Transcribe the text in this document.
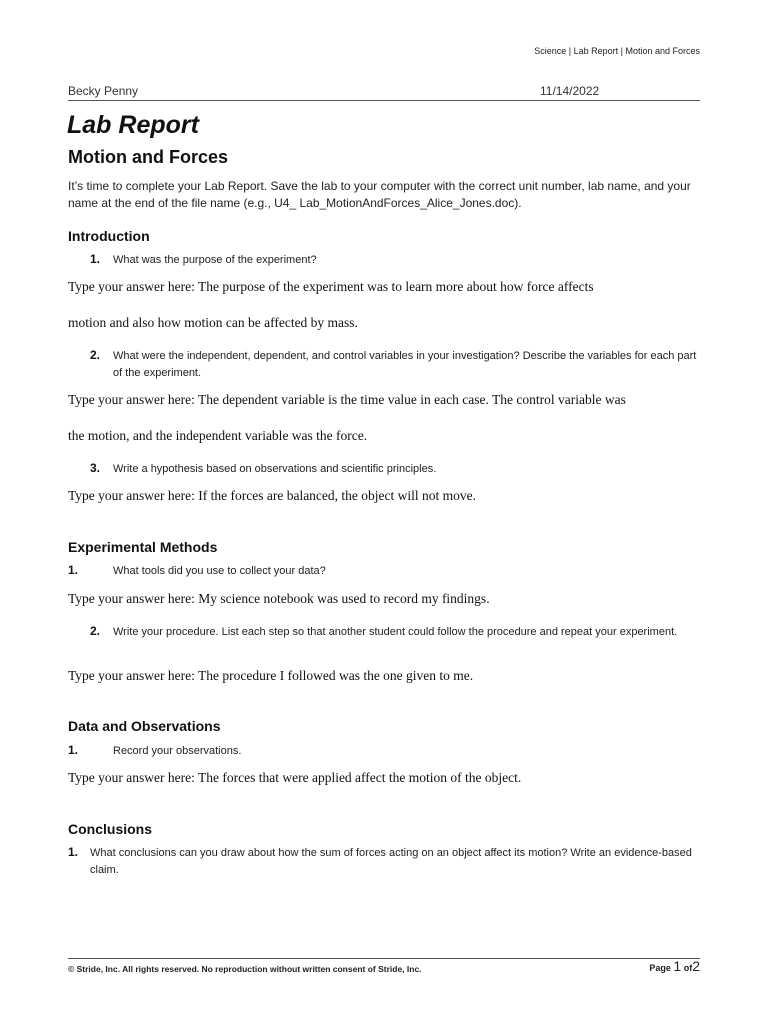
Science | Lab Report | Motion and Forces
Becky Penny	11/14/2022
Lab Report
Motion and Forces
It’s time to complete your Lab Report. Save the lab to your computer with the correct unit number, lab name, and your name at the end of the file name (e.g., U4_ Lab_MotionAndForces_Alice_Jones.doc).
Introduction
1. What was the purpose of the experiment?
Type your answer here: The purpose of the experiment was to learn more about how force affects
motion and also how motion can be affected by mass.
2. What were the independent, dependent, and control variables in your investigation? Describe the variables for each part of the experiment.
Type your answer here: The dependent variable is the time value in each case. The control variable was
the motion, and the independent variable was the force.
3. Write a hypothesis based on observations and scientific principles.
Type your answer here: If the forces are balanced, the object will not move.
Experimental Methods
1.	What tools did you use to collect your data?
Type your answer here: My science notebook was used to record my findings.
2. Write your procedure. List each step so that another student could follow the procedure and repeat your experiment.
Type your answer here: The procedure I followed was the one given to me.
Data and Observations
1.	Record your observations.
Type your answer here: The forces that were applied affect the motion of the object.
Conclusions
1. What conclusions can you draw about how the sum of forces acting on an object affect its motion? Write an evidence-based claim.
© Stride, Inc. All rights reserved. No reproduction without written consent of Stride, Inc.	Page 1 of2
